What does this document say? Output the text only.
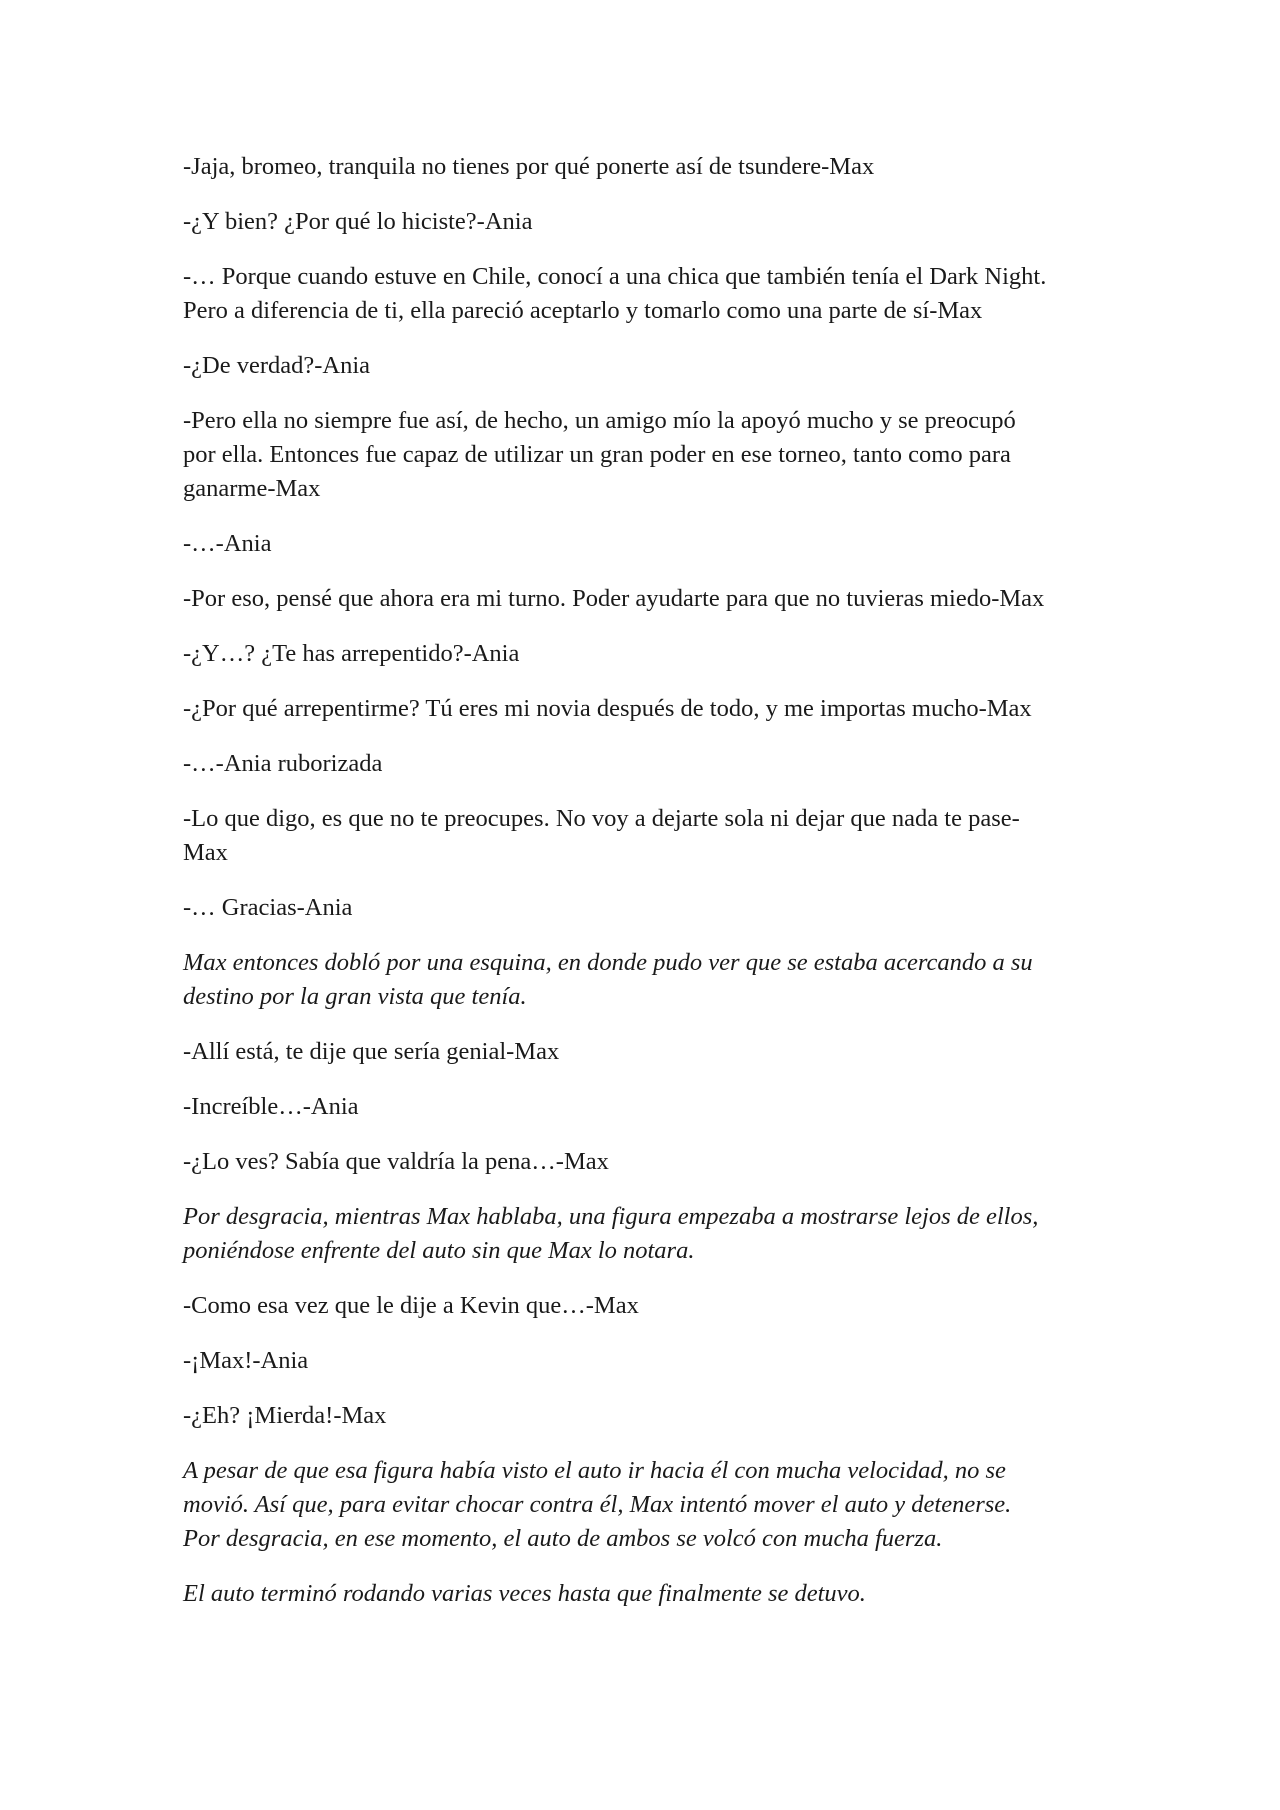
-Jaja, bromeo, tranquila no tienes por qué ponerte así de tsundere-Max

-¿Y bien? ¿Por qué lo hiciste?-Ania

-… Porque cuando estuve en Chile, conocí a una chica que también tenía el Dark Night.
Pero a diferencia de ti, ella pareció aceptarlo y tomarlo como una parte de sí-Max

-¿De verdad?-Ania

-Pero ella no siempre fue así, de hecho, un amigo mío la apoyó mucho y se preocupó
por ella. Entonces fue capaz de utilizar un gran poder en ese torneo, tanto como para
ganarme-Max

-…-Ania

-Por eso, pensé que ahora era mi turno. Poder ayudarte para que no tuvieras miedo-Max

-¿Y…? ¿Te has arrepentido?-Ania

-¿Por qué arrepentirme? Tú eres mi novia después de todo, y me importas mucho-Max

-…-Ania ruborizada

-Lo que digo, es que no te preocupes. No voy a dejarte sola ni dejar que nada te pase-
Max

-… Gracias-Ania

Max entonces dobló por una esquina, en donde pudo ver que se estaba acercando a su
destino por la gran vista que tenía.

-Allí está, te dije que sería genial-Max

-Increíble…-Ania

-¿Lo ves? Sabía que valdría la pena…-Max

Por desgracia, mientras Max hablaba, una figura empezaba a mostrarse lejos de ellos,
poniéndose enfrente del auto sin que Max lo notara.

-Como esa vez que le dije a Kevin que…-Max

-¡Max!-Ania

-¿Eh? ¡Mierda!-Max

A pesar de que esa figura había visto el auto ir hacia él con mucha velocidad, no se
movió. Así que, para evitar chocar contra él, Max intentó mover el auto y detenerse.
Por desgracia, en ese momento, el auto de ambos se volcó con mucha fuerza.

El auto terminó rodando varias veces hasta que finalmente se detuvo.
